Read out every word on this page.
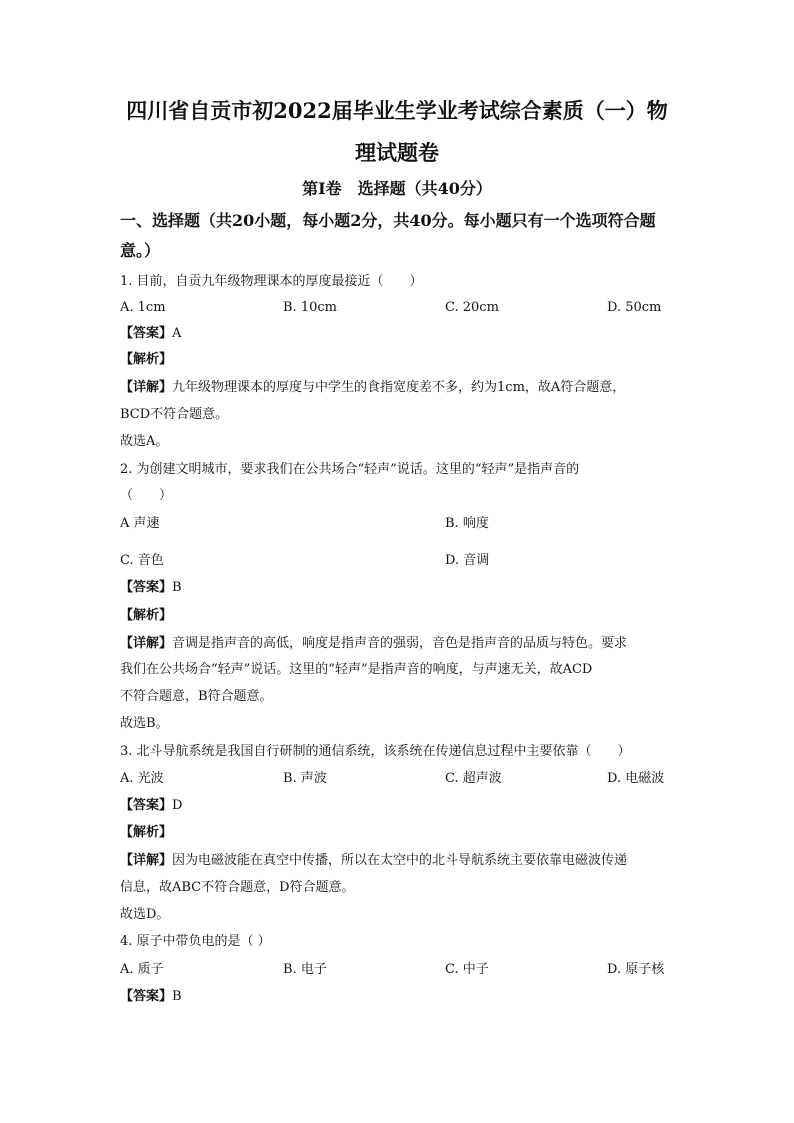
四川省自贡市初2022届毕业生学业考试综合素质（一）物
理试题卷
第Ⅰ卷　选择题（共40分）
一、选择题（共20小题，每小题2分，共40分。每小题只有一个选项符合题
意。）
1. 目前，自贡九年级物理课本的厚度最接近（　　）
A. 1cm	B. 10cm	C. 20cm	D. 50cm
【答案】A
【解析】
【详解】九年级物理课本的厚度与中学生的食指宽度差不多，约为1cm，故A符合题意，
BCD不符合题意。
故选A。
2. 为创建文明城市，要求我们在公共场合“轻声”说话。这里的“轻声”是指声音的
（　　）
A 声速	B. 响度
C. 音色	D. 音调
【答案】B
【解析】
【详解】音调是指声音的高低，响度是指声音的强弱，音色是指声音的品质与特色。要求
我们在公共场合“轻声”说话。这里的“轻声”是指声音的响度，与声速无关，故ACD
不符合题意，B符合题意。
故选B。
3. 北斗导航系统是我国自行研制的通信系统，该系统在传递信息过程中主要依靠（　　）
A. 光波	B. 声波	C. 超声波	D. 电磁波
【答案】D
【解析】
【详解】因为电磁波能在真空中传播，所以在太空中的北斗导航系统主要依靠电磁波传递
信息，故ABC不符合题意，D符合题意。
故选D。
4. 原子中带负电的是（ ）
A. 质子	B. 电子	C. 中子	D. 原子核
【答案】B
